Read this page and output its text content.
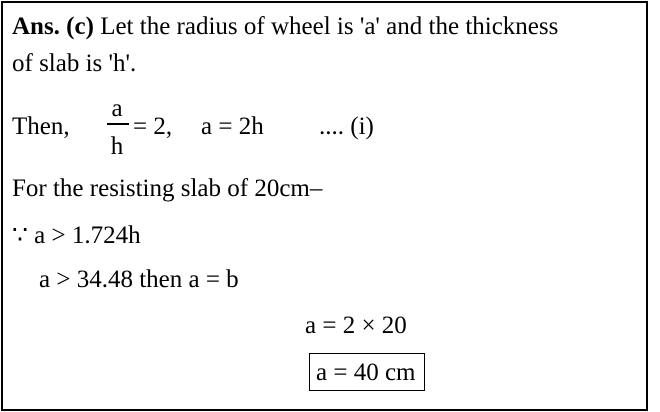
Ans. (c) Let the radius of wheel is 'a' and the thickness
of slab is 'h'.
Then,
a
h
= 2, a = 2h .... (i)
For the resisting slab of 20cm–
∵ a > 1.724h
a > 34.48 then a = b
a = 2 × 20
a = 40 cm
